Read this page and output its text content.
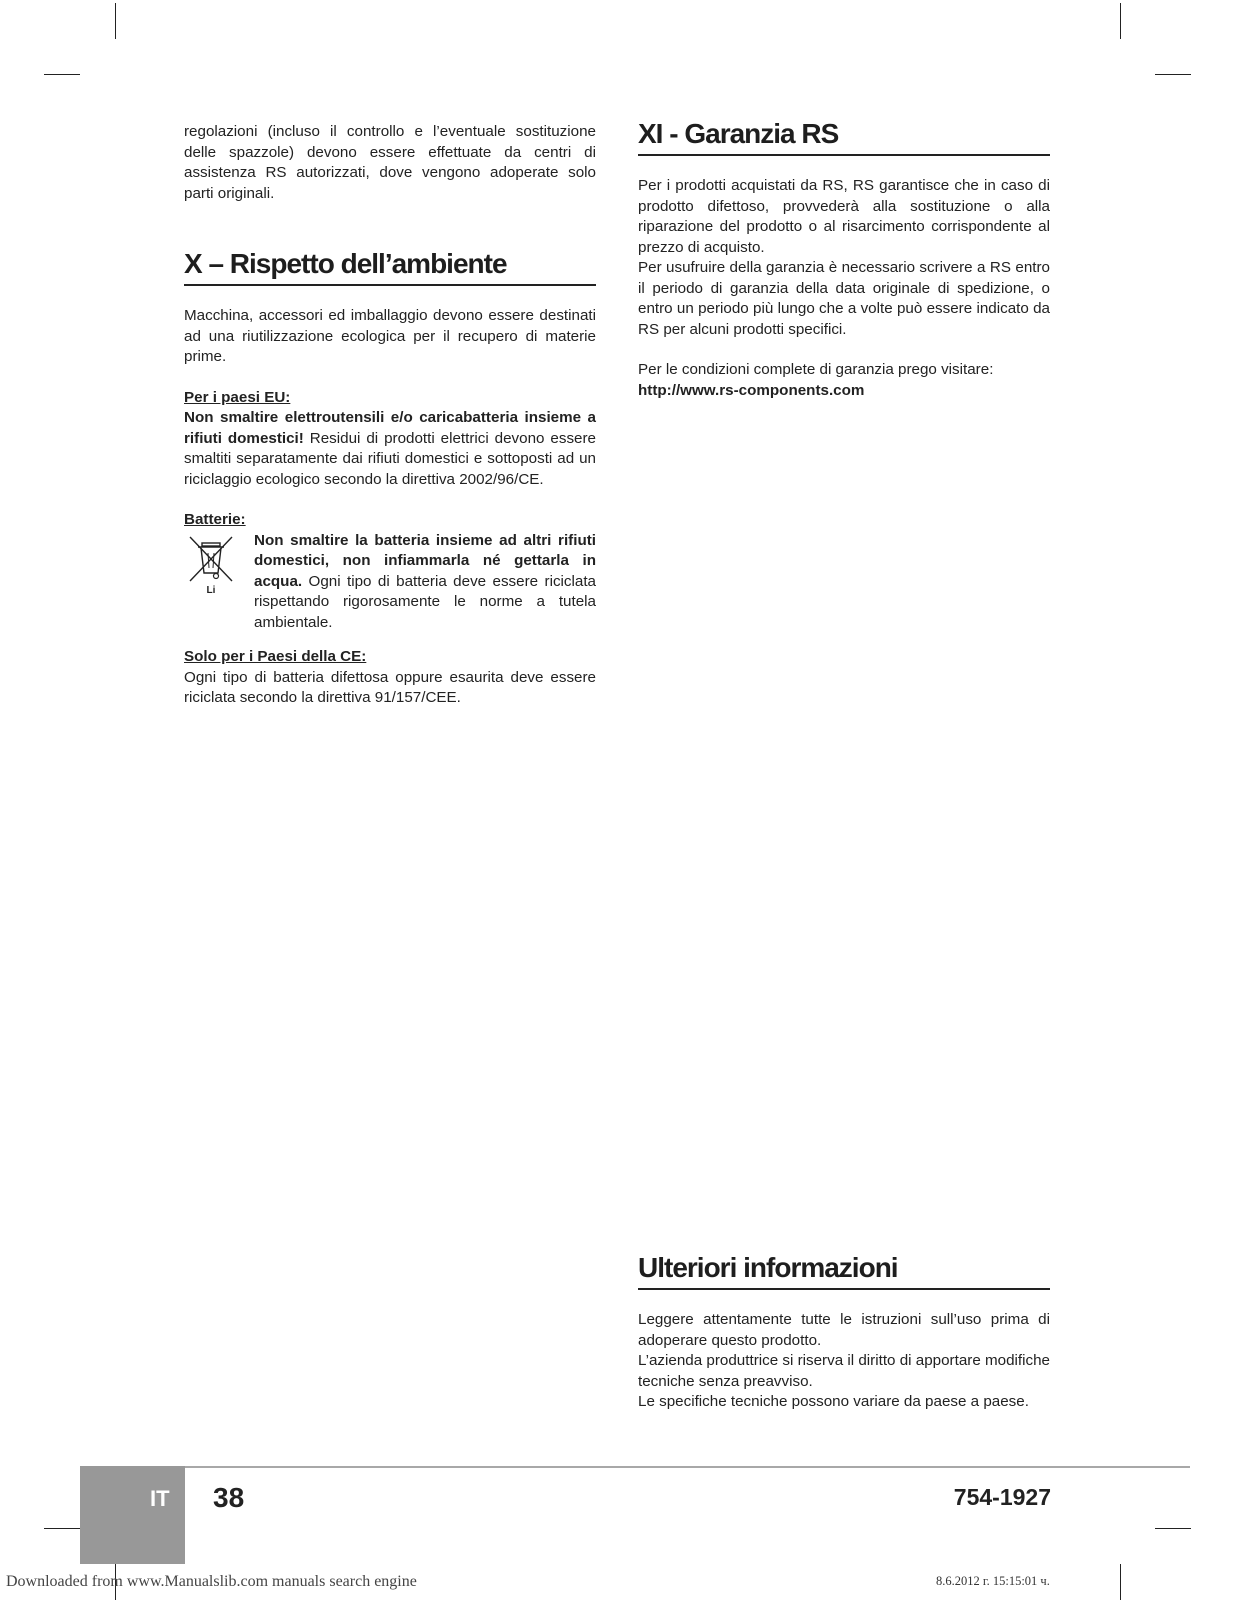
regolazioni (incluso il controllo e l’eventuale sostituzione delle spazzole) devono essere effettuate da centri di assistenza RS autorizzati, dove vengono adoperate solo parti originali.

X – Rispetto dell’ambiente

Macchina, accessori ed imballaggio devono essere destinati ad una riutilizzazione ecologica per il recupero di materie prime.

Per i paesi EU:

Non smaltire elettroutensili e/o caricabatteria insieme a rifiuti domestici! Residui di prodotti elettrici devono essere smaltiti separatamente dai rifiuti domestici e sottoposti ad un riciclaggio ecologico secondo la direttiva 2002/96/CE.

Batterie:

Li

Non smaltire la batteria insieme ad altri rifiuti domestici, non infiammarla né gettarla in acqua. Ogni tipo di batteria deve essere riciclata rispettando rigorosamente le norme a tutela ambientale.

Solo per i Paesi della CE:

Ogni tipo di batteria difettosa oppure esaurita deve essere riciclata secondo la direttiva 91/157/CEE.

XI - Garanzia RS

Per i prodotti acquistati da RS, RS garantisce che in caso di prodotto difettoso, provvederà alla sostituzione o alla riparazione del prodotto o al risarcimento corrispondente al prezzo di acquisto.

Per usufruire della garanzia è necessario scrivere a RS entro il periodo di garanzia della data originale di spedizione, o entro un periodo più lungo che a volte può essere indicato da RS per alcuni prodotti specifici.

Per le condizioni complete di garanzia prego visitare:

http://www.rs-components.com

Ulteriori informazioni

Leggere attentamente tutte le istruzioni sull’uso prima di adoperare questo prodotto.

L’azienda produttrice si riserva il diritto di apportare modifiche tecniche senza preavviso.

Le specifiche tecniche possono variare da paese a paese.

IT 38	754-1927
Downloaded from www.Manualslib.com manuals search engine	8.6.2012 г. 15:15:01 ч.
